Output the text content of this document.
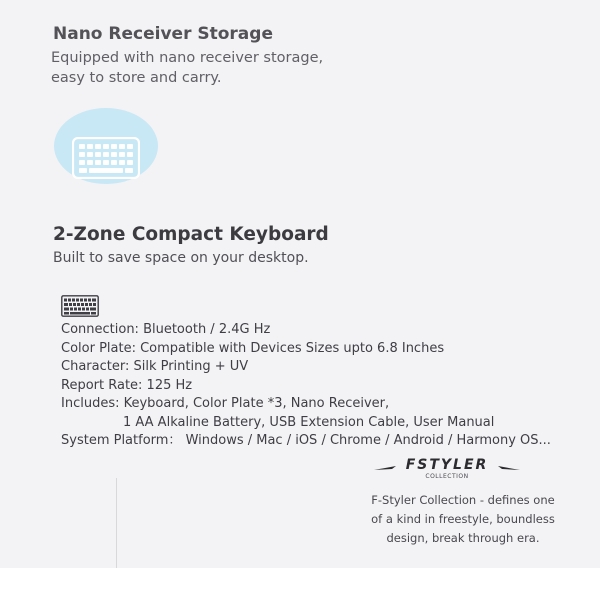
Nano Receiver Storage
Equipped with nano receiver storage,
easy to store and carry.
2-Zone Compact Keyboard
Built to save space on your desktop.
Connection: Bluetooth / 2.4G Hz
Color Plate: Compatible with Devices Sizes upto 6.8 Inches
Character: Silk Printing + UV
Report Rate: 125 Hz
Includes: Keyboard, Color Plate *3, Nano Receiver,
1 AA Alkaline Battery, USB Extension Cable, User Manual
System Platform： Windows / Mac / iOS / Chrome / Android / Harmony OS...
FSTYLER
COLLECTION
F-Styler Collection - defines one
of a kind in freestyle, boundless
design, break through era.
